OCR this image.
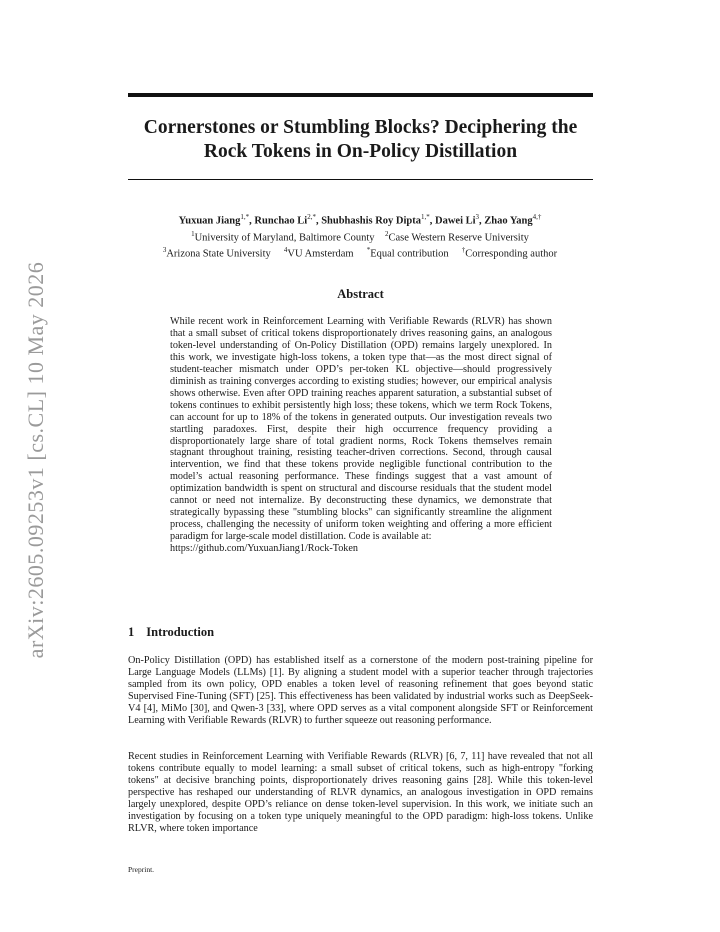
arXiv:2605.09253v1 [cs.CL] 10 May 2026
Cornerstones or Stumbling Blocks? Deciphering the Rock Tokens in On-Policy Distillation
Yuxuan Jiang$^{1,*}$, Runchao $Li^{2,*}$, Shubhashis Roy Dipta$^{1,*}$, Dawei Li$^3$, Zhao Yang$^{4,\dagger}$
$^1$University of Maryland, Baltimore County $^2$Case Western Reserve University
$^3$Arizona State University $^4$VU Amsterdam *Equal contribution †Corresponding author
Abstract

While recent work in Reinforcement Learning with Verifiable Rewards (RLVR) has shown that a small subset of critical tokens disproportionately drives reasoning gains, an analogous token-level understanding of On-Policy Distillation (OPD) remains largely unexplored. In this work, we investigate high-loss tokens, a token type that—as the most direct signal of student-teacher mismatch under OPD’s per-token KL objective—should progressively diminish as training converges according to existing studies; however, our empirical analysis shows otherwise. Even after OPD training reaches apparent saturation, a substantial subset of tokens continues to exhibit persistently high loss; these tokens, which we term Rock Tokens, can account for up to 18% of the tokens in generated outputs. Our investigation reveals two startling paradoxes. First, despite their high occurrence frequency providing a disproportionately large share of total gradient norms, Rock Tokens themselves remain stagnant throughout training, resisting teacher-driven corrections. Second, through causal intervention, we find that these tokens provide negligible functional contribution to the model’s actual reasoning performance. These findings suggest that a vast amount of optimization bandwidth is spent on structural and discourse residuals that the student model cannot or need not internalize. By deconstructing these dynamics, we demonstrate that strategically bypassing these "stumbling blocks" can significantly streamline the alignment process, challenging the necessity of uniform token weighting and offering a more efficient paradigm for large-scale model distillation. Code is available at:
https://github.com/YuxuanJiang1/Rock-Token

1 Introduction

On-Policy Distillation (OPD) has established itself as a cornerstone of the modern post-training pipeline for Large Language Models (LLMs) [1]. By aligning a student model with a superior teacher through trajectories sampled from its own policy, OPD enables a token level of reasoning refinement that goes beyond static Supervised Fine-Tuning (SFT) [25]. This effectiveness has been validated by industrial works such as DeepSeek-V4 [4], MiMo [30], and Qwen-3 [33], where OPD serves as a vital component alongside SFT or Reinforcement Learning with Verifiable Rewards (RLVR) to further squeeze out reasoning performance.

Recent studies in Reinforcement Learning with Verifiable Rewards (RLVR) [6, 7, 11] have revealed that not all tokens contribute equally to model learning: a small subset of critical tokens, such as high-entropy "forking tokens" at decisive branching points, disproportionately drives reasoning gains [28]. While this token-level perspective has reshaped our understanding of RLVR dynamics, an analogous investigation in OPD remains largely unexplored, despite OPD’s reliance on dense token-level supervision. In this work, we initiate such an investigation by focusing on a token type uniquely meaningful to the OPD paradigm: high-loss tokens. Unlike RLVR, where token importance

Preprint.
